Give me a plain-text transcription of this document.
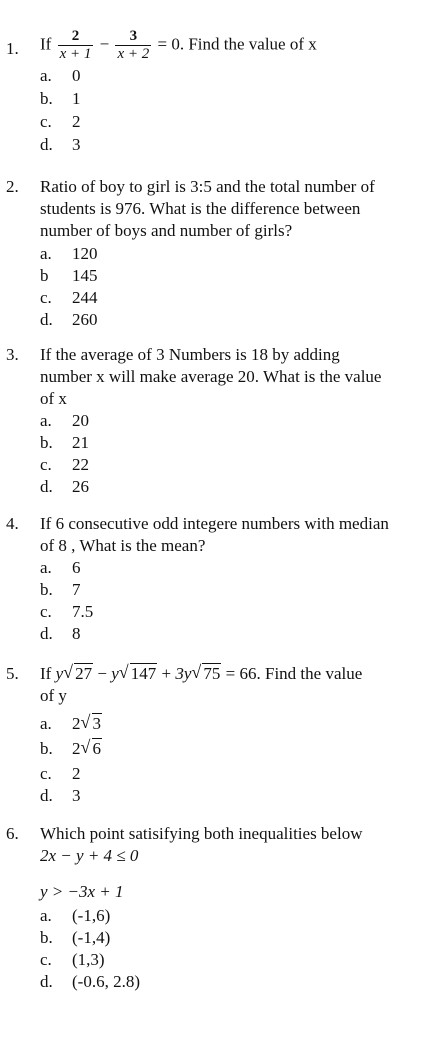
1. If $\frac{2}{x + 1} - \frac{3}{x + 2} = 0$. Find the value of x
a. 0
b. 1
c. 2
d. 3
2. Ratio of boy to girl is 3:5 and the total number of
students is 976. What is the difference between
number of boys and number of girls?
a. 120
b 145
c. 244
d. 260
3. If the average of 3 Numbers is 18 by adding
number x will make average 20. What is the value
of x
a. 20
b. 21
c. 22
d. 26
4. If 6 consecutive odd integere numbers with median
of 8 , What is the mean?
a. 6
b. 7
c. 7.5
d. 8
5. If y √ 27 − y √ 147 + 3y √ 75 = 66. Find the value
of y
a. 2 √ 3
b. 2 √ 6
c. 2
d. 3
6. Which point satisifying both inequalities below
2x − y + 4 ≤ 0
y > −3x + 1
a. (-1,6)
b. (-1,4)
c. (1,3)
d. (-0.6, 2.8)
